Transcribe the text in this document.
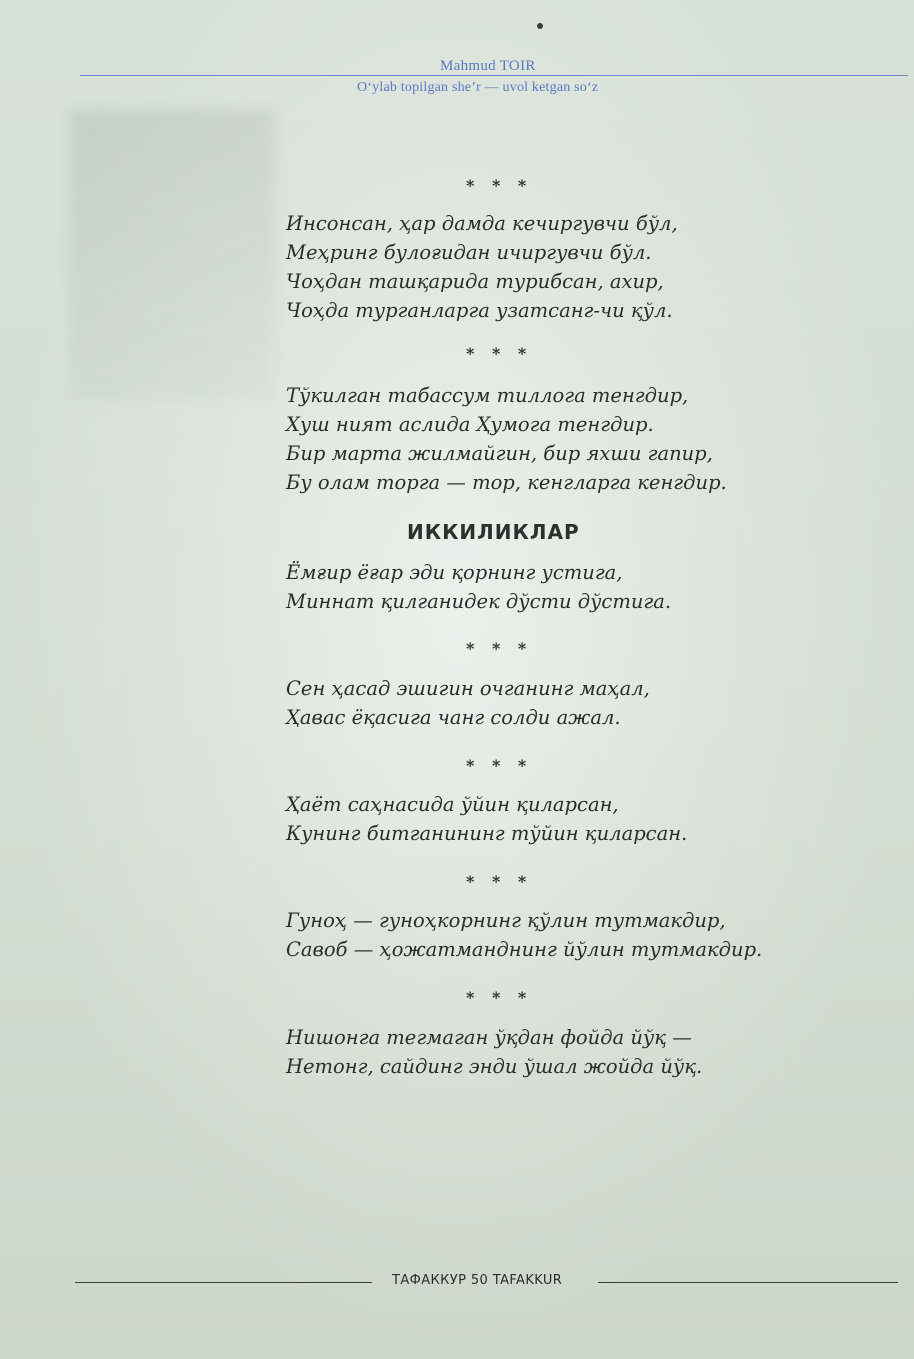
Mahmud TOIR
O‘ylab topilgan she’r — uvol ketgan so‘z
* * *
Инсонсан, ҳар дамда кечиргувчи бўл,
Меҳринг булоғидан ичиргувчи бўл.
Чоҳдан ташқарида турибсан, ахир,
Чоҳда турганларга узатсанг-чи қўл.
* * *
Тўкилган табассум тиллога тенгдир,
Хуш ният аслида Ҳумога тенгдир.
Бир марта жилмайгин, бир яхши гапир,
Бу олам торга — тор, кенгларга кенгдир.
ИККИЛИКЛАР
Ёмғир ёғар эди қорнинг устига,
Миннат қилганидек дўсти дўстига.
* * *
Сен ҳасад эшигин очганинг маҳал,
Ҳавас ёқасига чанг солди ажал.
* * *
Ҳаёт саҳнасида ўйин қиларсан,
Кунинг битганининг тўйин қиларсан.
* * *
Гуноҳ — гуноҳкорнинг қўлин тутмакдир,
Савоб — ҳожатманднинг йўлин тутмакдир.
* * *
Нишонга тегмаган ўқдан фойда йўқ —
Нетонг, сайдинг энди ўшал жойда йўқ.
ТАФАККУР 50 TAFAKKUR
